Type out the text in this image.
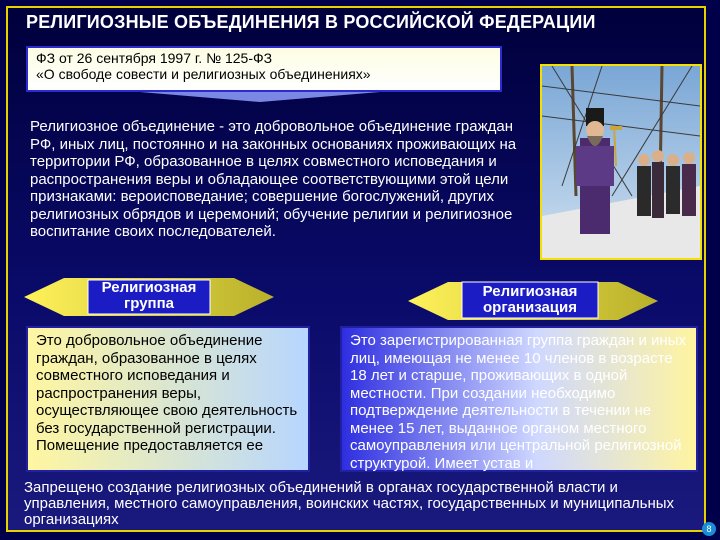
РЕЛИГИОЗНЫЕ ОБЪЕДИНЕНИЯ В РОССИЙСКОЙ ФЕДЕРАЦИИ
ФЗ от 26 сентября 1997 г. № 125-ФЗ
«О свободе совести и религиозных объединениях»
Религиозное объединение - это добровольное объединение граждан РФ, иных лиц, постоянно и на законных основаниях проживающих на территории РФ, образованное в целях совместного исповедания и распространения веры и обладающее соответствующими этой цели признаками: вероисповедание; совершение богослужений, других религиозных обрядов и церемоний; обучение религии и религиозное воспитание своих последователей.
Религиозная
группа
Религиозная
организация
Это добровольное объединение граждан, образованное в целях совместного исповедания и распространения веры, осуществляющее свою деятельность без государственной регистрации. Помещение предоставляется ее
Это зарегистрированная группа граждан и иных лиц, имеющая не менее 10 членов в возрасте 18 лет и старше, проживающих в одной местности. При создании необходимо подтверждение деятельности в течении не менее 15 лет, выданное органом местного самоуправления или центральной религиозной структурой. Имеет устав и
Запрещено создание религиозных объединений в органах государственной власти и управления, местного самоуправления, воинских частях, государственных и муниципальных организациях
8
